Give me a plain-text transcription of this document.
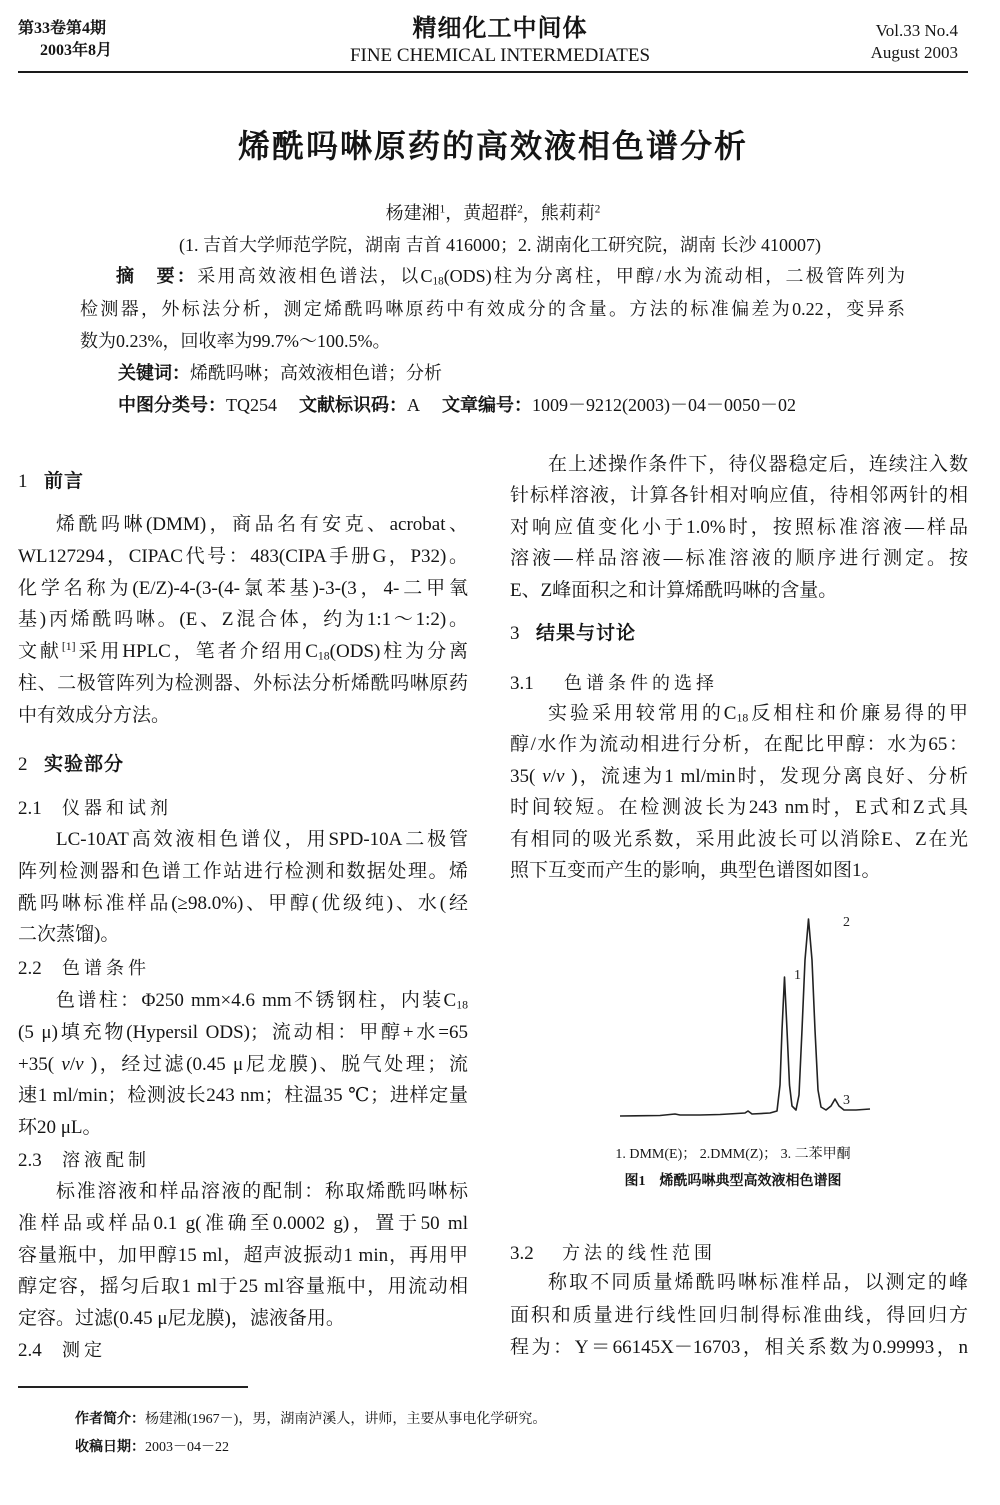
第33卷第4期
2003年8月
精细化工中间体
FINE CHEMICAL INTERMEDIATES
Vol.33 No.4
August 2003
烯酰吗啉原药的高效液相色谱分析
杨建湘$^1$，黄超群$^2$，熊莉莉$^2$
(1. 吉首大学师范学院，湖南 吉首 416000；2. 湖南化工研究院，湖南 长沙 410007)
摘　要：采用高效液相色谱法，以$C_{18}(ODS)$柱为分离柱，甲醇/水为流动相，二极管阵列为
检测器，外标法分析，测定烯酰吗啉原药中有效成分的含量。方法的标准偏差为0.22，变异系
数为0.23%，回收率为99.7%～100.5%。
关键词：烯酰吗啉；高效液相色谱；分析
中图分类号：TQ254 文献标识码：A 文章编号：1009－9212(2003)－04－0050－02
1 前言
烯酰吗啉(DMM)，商品名有安克、acrobat、
WL127294，CIPAC代号：483(CIPA手册G，P32)。
化学名称为(E/Z)-4-(3-(4-氯苯基)-3-(3，4-二甲氧
基)丙烯酰吗啉。(E、Z混合体，约为1:1～1:2)。
文献[1]采用HPLC，笔者介绍用$C_{18}(ODS)$柱为分离
柱、二极管阵列为检测器、外标法分析烯酰吗啉原药
中有效成分方法。
2 实验部分
2.1 仪器和试剂
LC-10AT高效液相色谱仪，用SPD-10A二极管
阵列检测器和色谱工作站进行检测和数据处理。烯
酰吗啉标准样品(≥98.0%)、甲醇(优级纯)、水(经
二次蒸馏)。
2.2 色谱条件
色谱柱：Φ250 mm×4.6 mm不锈钢柱，内装$C_{18}$
(5 μ)填充物(Hypersil ODS)；流动相：甲醇+水=65
+35( v/v )，经过滤(0.45 μ尼龙膜)、脱气处理；流
速1 ml/min；检测波长243 nm；柱温35 ℃；进样定量
环20 μL。
2.3 溶液配制
标准溶液和样品溶液的配制：称取烯酰吗啉标
准样品或样品0.1 g(准确至0.0002 g)，置于50 ml
容量瓶中，加甲醇15 ml，超声波振动1 min，再用甲
醇定容，摇匀后取1 ml于25 ml容量瓶中，用流动相
定容。过滤(0.45 μ尼龙膜)，滤液备用。
2.4 测定
在上述操作条件下，待仪器稳定后，连续注入数
针标样溶液，计算各针相对响应值，待相邻两针的相
对响应值变化小于1.0%时，按照标准溶液—样品
溶液—样品溶液—标准溶液的顺序进行测定。按
E、Z峰面积之和计算烯酰吗啉的含量。
3 结果与讨论
3.1 色谱条件的选择
实验采用较常用的$C_{18}$反相柱和价廉易得的甲
醇/水作为流动相进行分析，在配比甲醇：水为65：
35( v/v )，流速为1 ml/min时，发现分离良好、分析
时间较短。在检测波长为243 nm时，E式和Z式具
有相同的吸光系数，采用此波长可以消除E、Z在光
照下互变而产生的影响，典型色谱图如图1。
1
2
3
1. DMM(E)； 2.DMM(Z)； 3. 二苯甲酮
图1　烯酰吗啉典型高效液相色谱图
3.2 方法的线性范围
称取不同质量烯酰吗啉标准样品，以测定的峰
面积和质量进行线性回归制得标准曲线，得回归方
程为：Y＝66145X－16703，相关系数为0.99993，n
作者简介：杨建湘(1967－)，男，湖南泸溪人，讲师，主要从事电化学研究。
收稿日期：2003－04－22
